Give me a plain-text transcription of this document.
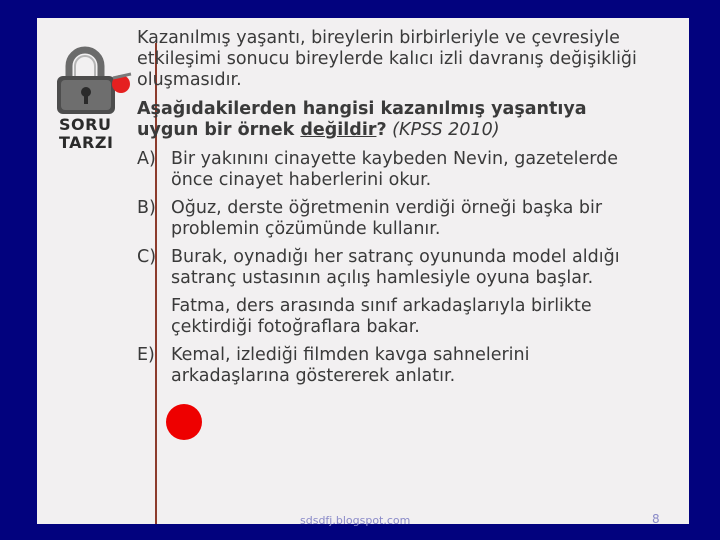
SORU
TARZI

Kazanılmış yaşantı, bireylerin birbirleriyle ve çevresiyle etkileşimi sonucu bireylerde kalıcı izli davranış değişikliği oluşmasıdır.

Aşağıdakilerden hangisi kazanılmış yaşantıya uygun bir örnek değildir? (KPSS 2010)

A) Bir yakınını cinayette kaybeden Nevin, gazetelerde önce cinayet haberlerini okur.
B) Oğuz, derste öğretmenin verdiği örneği başka bir problemin çözümünde kullanır.
C) Burak, oynadığı her satranç oyununda model aldığı satranç ustasının açılış hamlesiyle oyuna başlar.
Fatma, ders arasında sınıf arkadaşlarıyla birlikte çektirdiği fotoğraflara bakar.
E) Kemal, izlediği filmden kavga sahnelerini arkadaşlarına göstererek anlatır.
sdsdfj.blogspot.com	8
